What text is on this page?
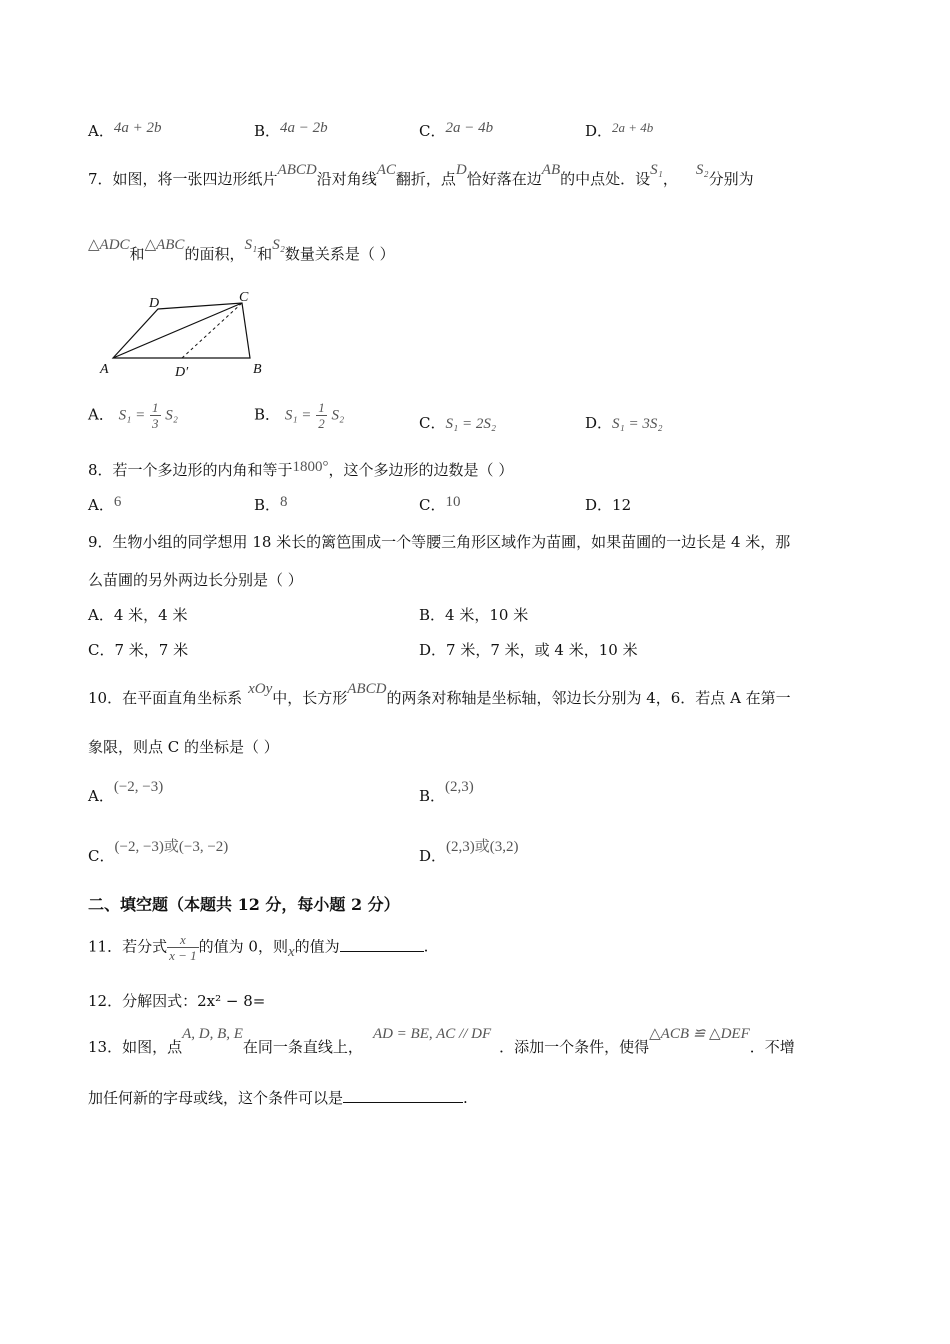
A．4a + 2b	B．4a − 2b	C．2a − 4b	D．2a + 4b
7．如图，将一张四边形纸片ABCD沿对角线AC翻折，点D恰好落在边AB的中点处．设S₁， S₂分别为
△ADC和△ABC的面积，S₁和S₂数量关系是（ ）
D	C
A	D′	B
A． $S_1 = \frac{1}{3} S_2$	B． $S_1 = \frac{1}{2} S_2$	C．S₁ = 2S₂	D．S₁ = 3S₂
8．若一个多边形的内角和等于1800°，这个多边形的边数是（ ）
A．6	B．8	C．10	D．12
9．生物小组的同学想用 18 米长的篱笆围成一个等腰三角形区域作为苗圃，如果苗圃的一边长是 4 米，那
么苗圃的另外两边长分别是（ ）
A．4 米，4 米	B．4 米，10 米
C．7 米，7 米	D．7 米，7 米，或 4 米，10 米
10．在平面直角坐标系 xOy中，长方形ABCD的两条对称轴是坐标轴，邻边长分别为 4，6．若点 A 在第一
象限，则点 C 的坐标是（ ）
A．(−2, −3)	B．(2,3)
C．(−2, −3)或(−3, −2)	D．(2,3)或(3,2)
二、填空题（本题共 12 分，每小题 2 分）
11．若分式 $\frac{x}{x - 1}$ 的值为 0，则x的值为	.
12．分解因式：2x² − 8=
13．如图，点A, D, B, E在同一条直线上，AD = BE, AC // DF．添加一个条件，使得△ACB ≌ △DEF．不增
加任何新的字母或线，这个条件可以是	.
